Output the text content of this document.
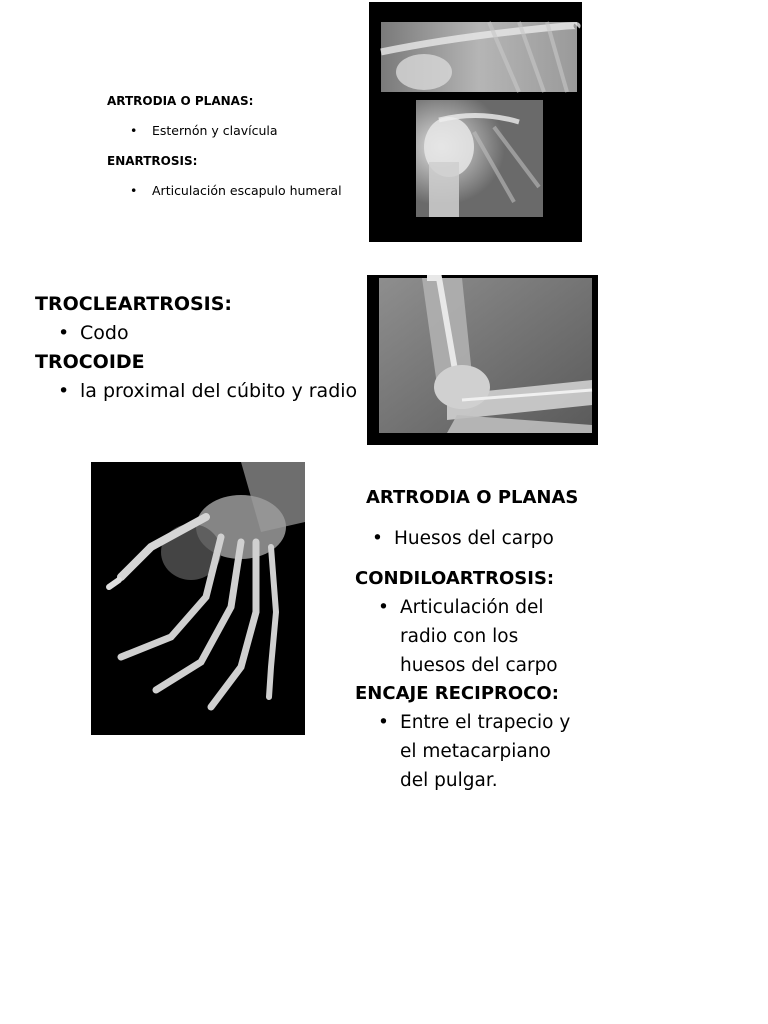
ARTRODIA O PLANAS:
• Esternón y clavícula
ENARTROSIS:
• Articulación escapulo humeral
TROCLEARTROSIS:
• Codo
TROCOIDE
• la proximal del cúbito y radio
ARTRODIA O PLANAS
• Huesos del carpo
CONDILOARTROSIS:
• Articulación del radio con los huesos del carpo
ENCAJE RECIPROCO:
• Entre el trapecio y el metacarpiano del pulgar.
